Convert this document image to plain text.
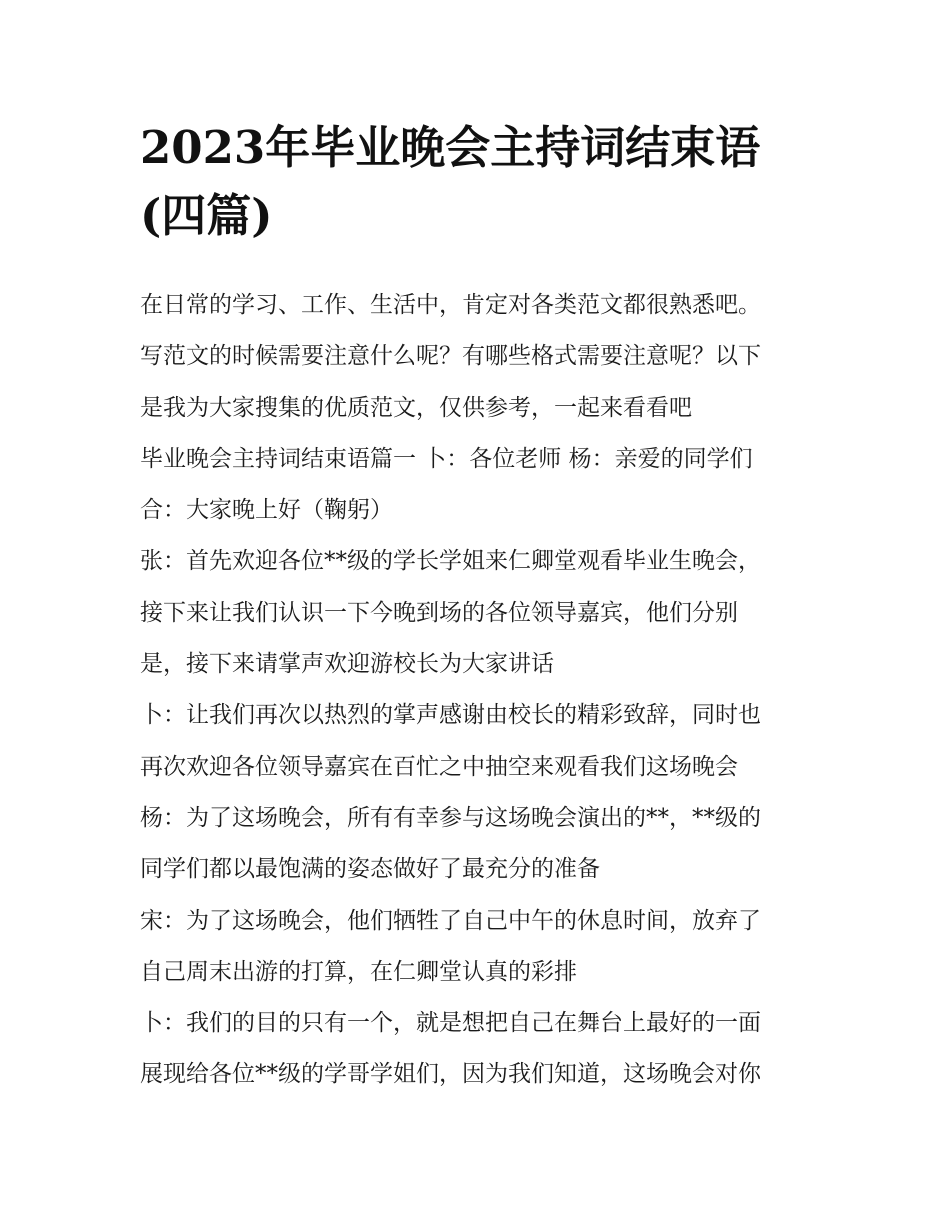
2023年毕业晚会主持词结束语
(四篇)

在日常的学习、工作、生活中，肯定对各类范文都很熟悉吧。

写范文的时候需要注意什么呢？有哪些格式需要注意呢？以下

是我为大家搜集的优质范文，仅供参考，一起来看看吧

毕业晚会主持词结束语篇一 卜：各位老师 杨：亲爱的同学们

合：大家晚上好（鞠躬）

张：首先欢迎各位**级的学长学姐来仁卿堂观看毕业生晚会，

接下来让我们认识一下今晚到场的各位领导嘉宾，他们分别

是，接下来请掌声欢迎游校长为大家讲话

卜：让我们再次以热烈的掌声感谢由校长的精彩致辞，同时也

再次欢迎各位领导嘉宾在百忙之中抽空来观看我们这场晚会

杨：为了这场晚会，所有有幸参与这场晚会演出的**，**级的

同学们都以最饱满的姿态做好了最充分的准备

宋：为了这场晚会，他们牺牲了自己中午的休息时间，放弃了

自己周末出游的打算，在仁卿堂认真的彩排

卜：我们的目的只有一个，就是想把自己在舞台上最好的一面

展现给各位**级的学哥学姐们，因为我们知道，这场晚会对你
